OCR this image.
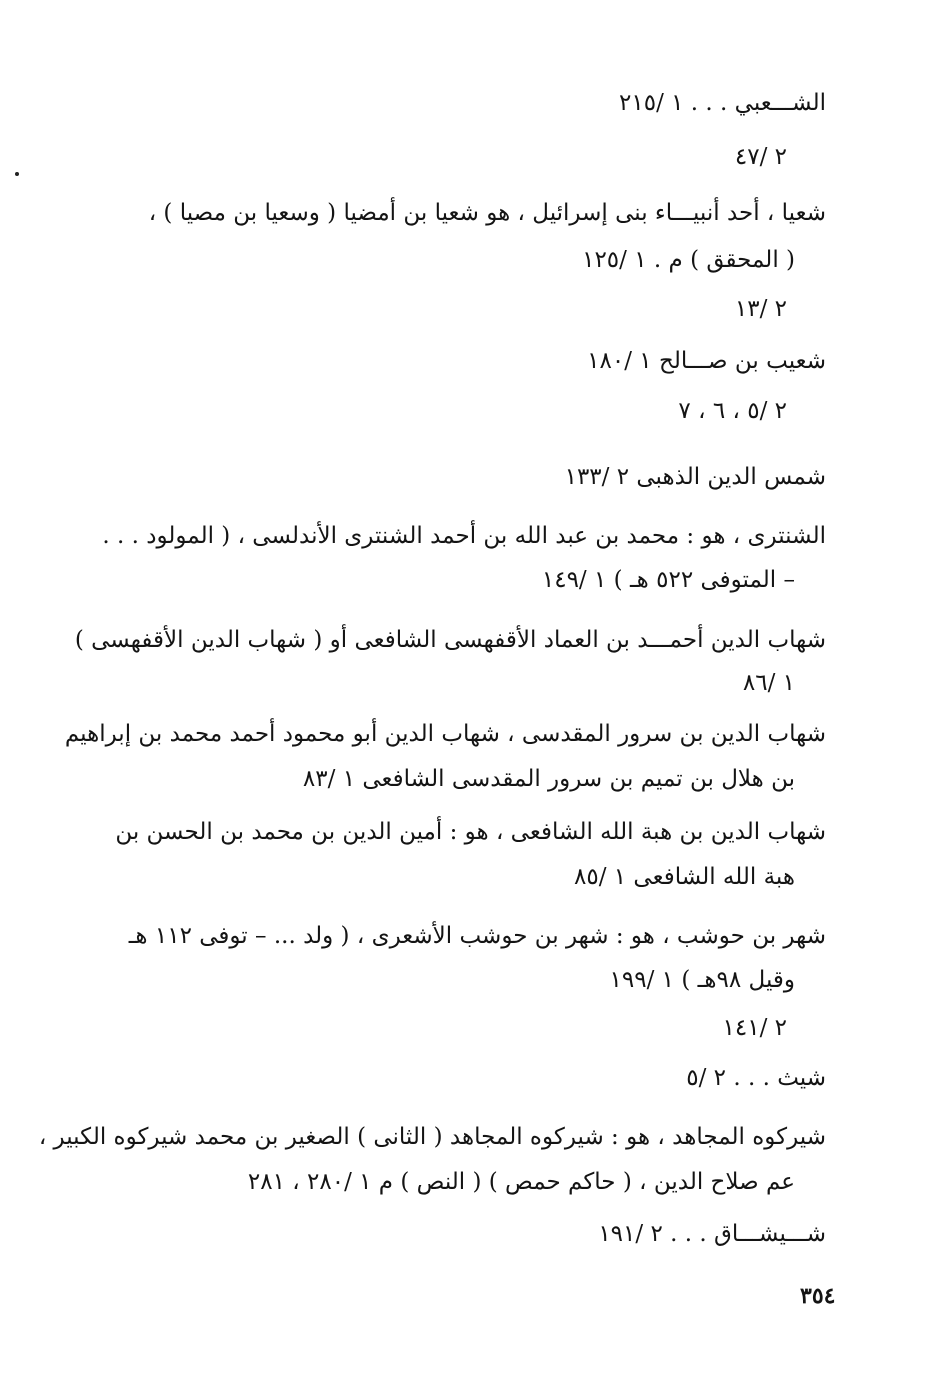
الشـــعبي . . . ١ /٢١٥
٢ /٤٧
شعيا ، أحد أنبيـــاء بنى إسرائيل ، هو شعيا بن أمضيا ( وسعيا بن مصيا ) ،
( المحقق ) م . ١ /١٢٥
٢ /١٣
شعيب بن صـــالح ١ /١٨٠
٢ /٥ ، ٦ ، ٧
شمس الدين الذهبى ٢ /١٣٣
الشنترى ، هو : محمد بن عبد الله بن أحمد الشنترى الأندلسى ، ( المولود . . .
– المتوفى ٥٢٢ هـ ) ١ /١٤٩
شهاب الدين أحمـــد بن العماد الأقفهسى الشافعى أو ( شهاب الدين الأقفهسى )
١ /٨٦
شهاب الدين بن سرور المقدسى ، شهاب الدين أبو محمود أحمد محمد بن إبراهيم
بن هلال بن تميم بن سرور المقدسى الشافعى ١ /٨٣
شهاب الدين بن هبة الله الشافعى ، هو : أمين الدين بن محمد بن الحسن بن
هبة الله الشافعى ١ /٨٥
شهر بن حوشب ، هو : شهر بن حوشب الأشعرى ، ( ولد ... – توفى ١١٢ هـ
وقيل ٩٨هـ ) ١ /١٩٩
٢ /١٤١
شيث . . . ٢ /٥
شيركوه المجاهد ، هو : شيركوه المجاهد ( الثانى ) الصغير بن محمد شيركوه الكبير ،
عم صلاح الدين ، ( حاكم حمص ) ( النص ) م ١ /٢٨٠ ، ٢٨١
شـــيشـــاق . . . ٢ /١٩١
٣٥٤
